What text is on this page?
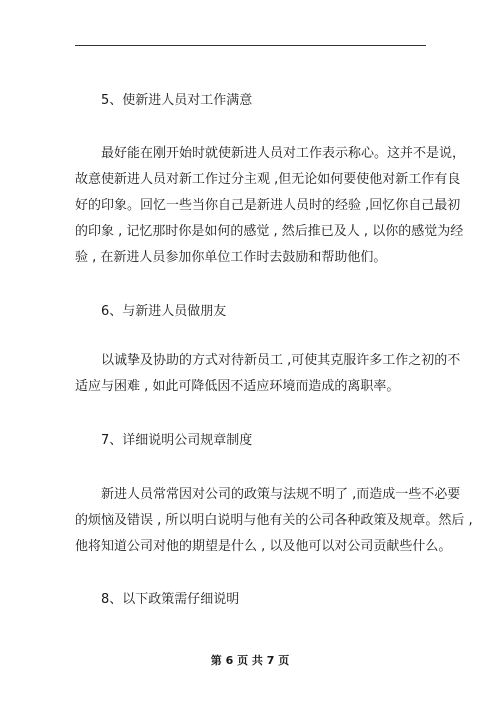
5、使新进人员对工作满意
最好能在刚开始时就使新进人员对工作表示称心。这并不是说，
故意使新进人员对新工作过分主观 ,但无论如何要使他对新工作有良
好的印象。回忆一些当你自己是新进人员时的经验 ,回忆你自己最初
的印象 , 记忆那时你是如何的感觉 , 然后推已及人 , 以你的感觉为经
验 , 在新进人员参加你单位工作时去鼓励和帮助他们。
6、与新进人员做朋友
以诚挚及协助的方式对待新员工 ,可使其克服许多工作之初的不
适应与困难 , 如此可降低因不适应环境而造成的离职率。
7、详细说明公司规章制度
新进人员常常因对公司的政策与法规不明了 ,而造成一些不必要
的烦恼及错误 , 所以明白说明与他有关的公司各种政策及规章。然后 ,
他将知道公司对他的期望是什么 , 以及他可以对公司贡献些什么。
8、以下政策需仔细说明
第 6 页 共 7 页
